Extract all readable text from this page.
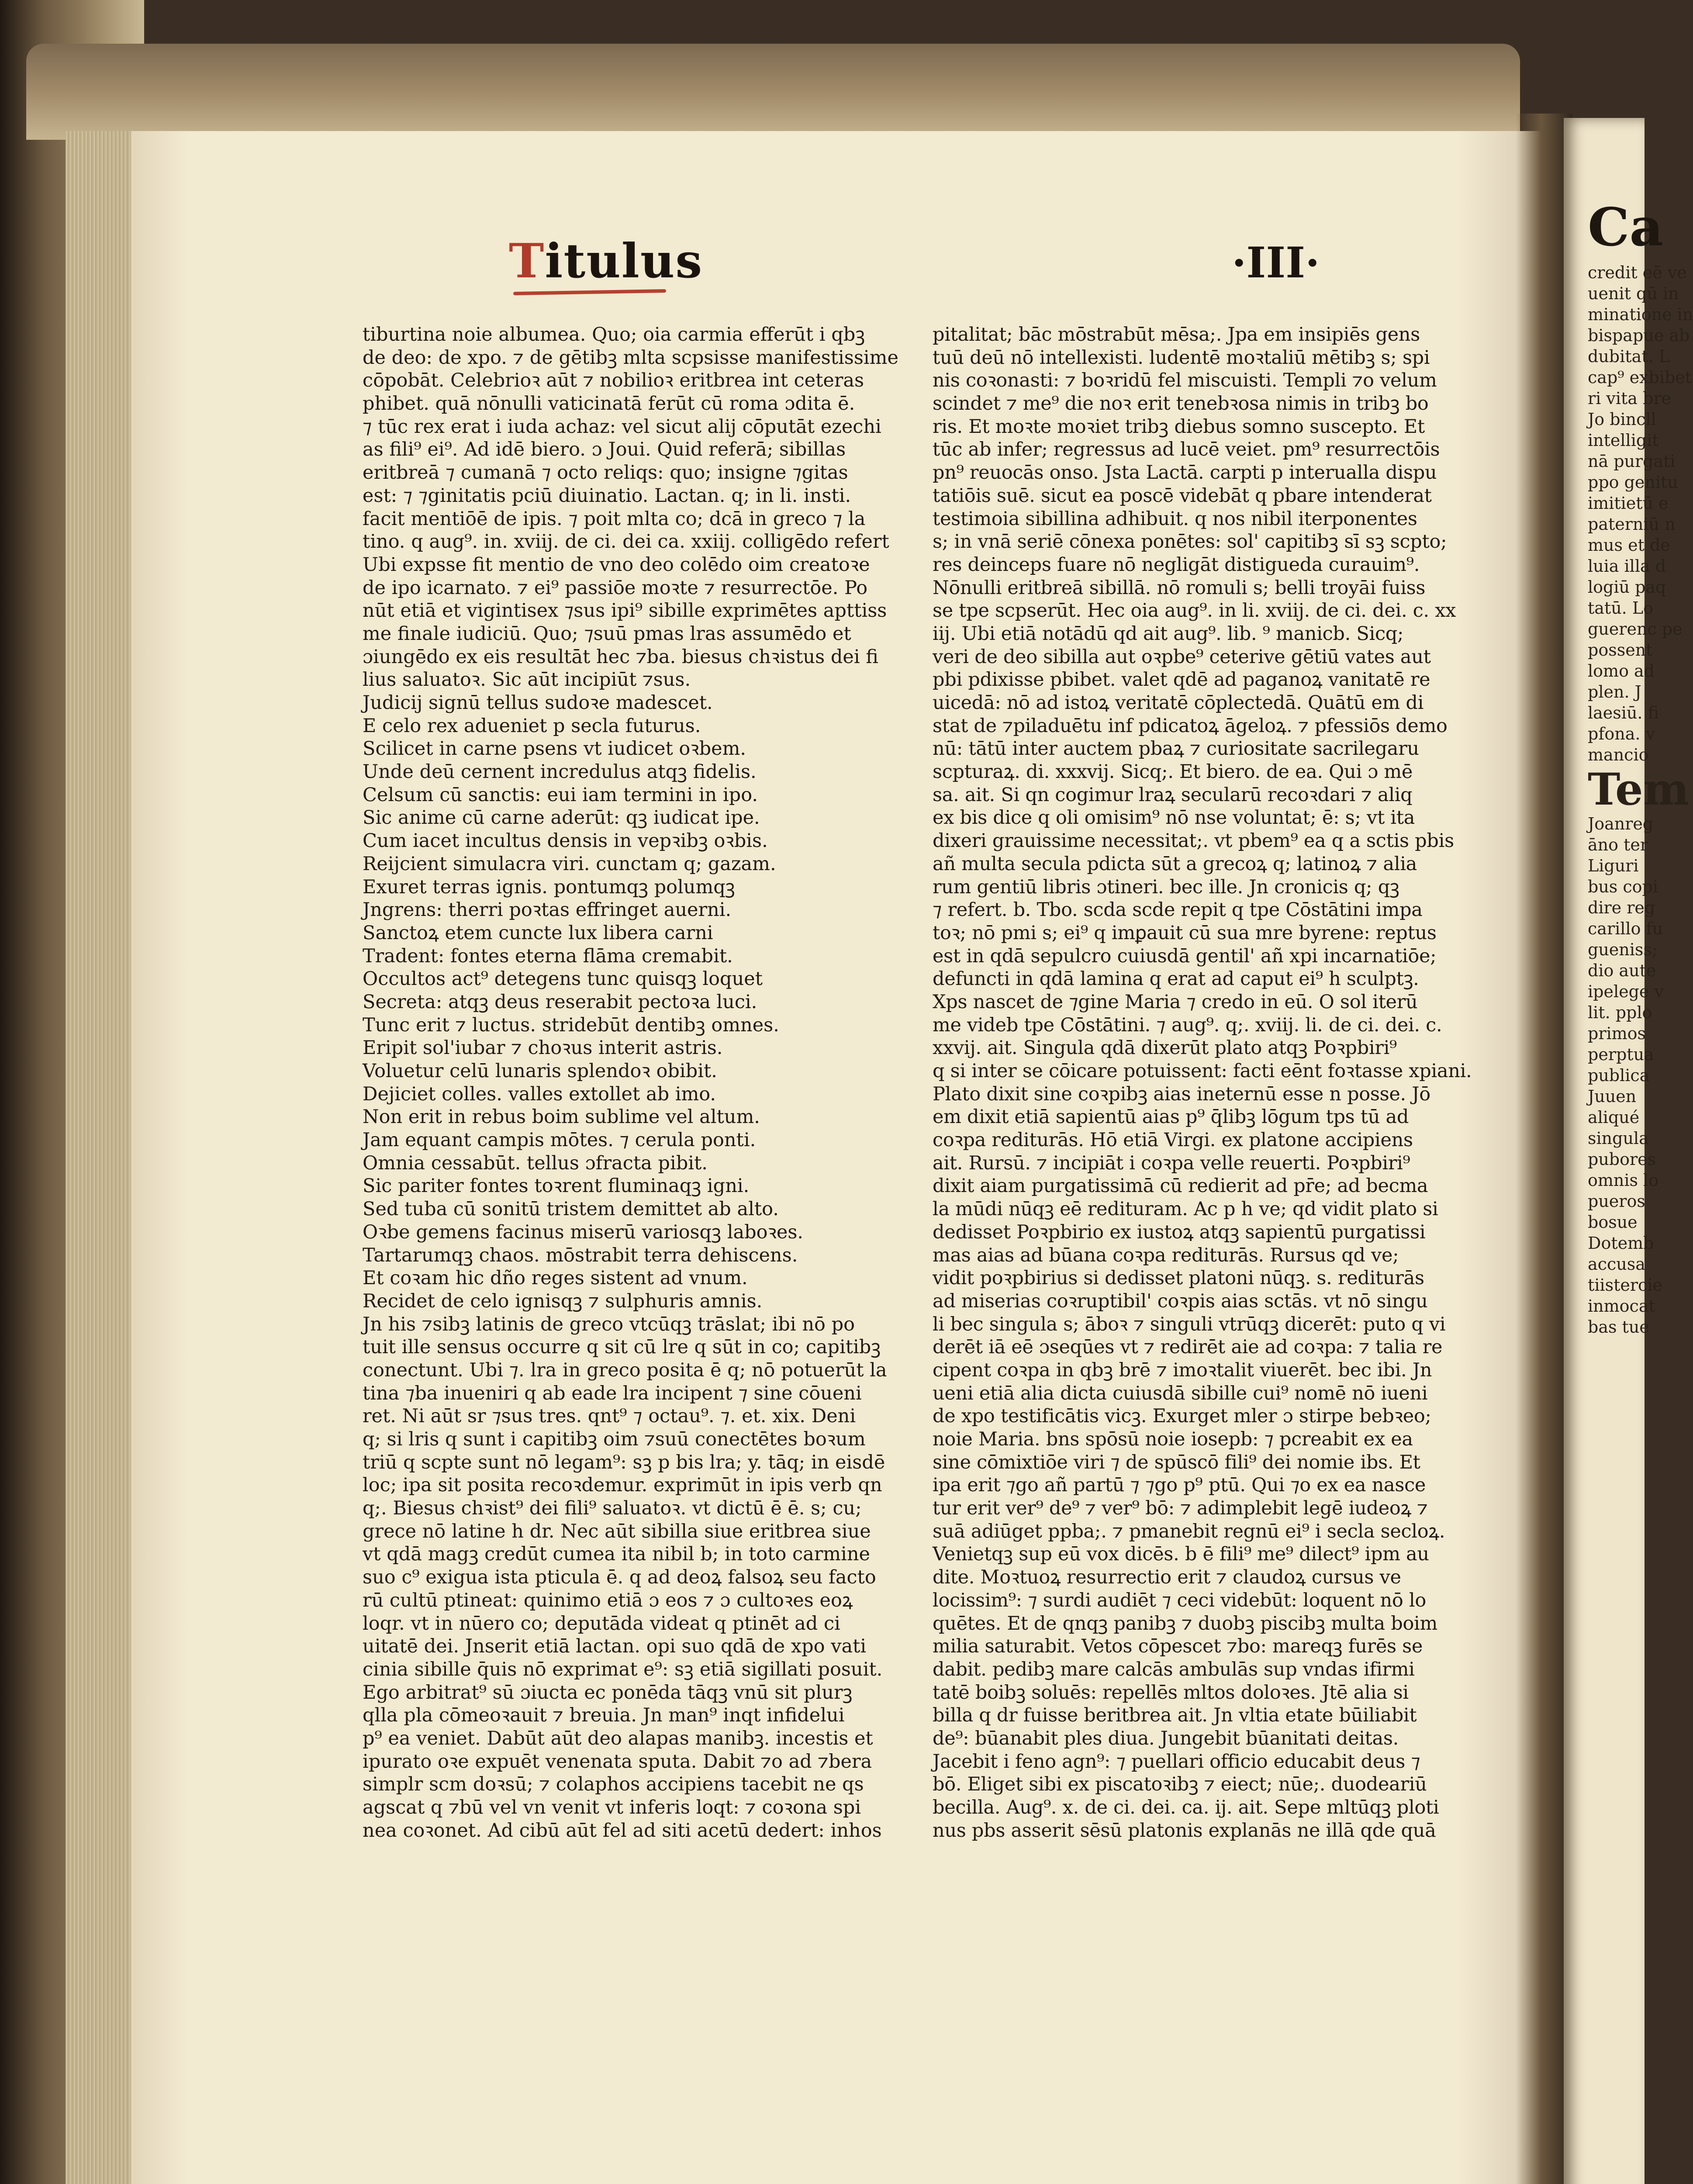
Titulus	·III·
tiburtina noie albumea. Quo; oia carmia efferūt i qbꝫ
de deo: de xpo. ⁊ de gētibꝫ mlta scpsisse manifestissime
cōpobāt. Celebrioꝛ aūt ⁊ nobilioꝛ eritbrea int ceteras
phibet. quā nōnulli vaticinatā ferūt cū roma ɔdita ē.
⁊ tūc rex erat i iuda achaz: vel sicut alij cōputāt ezechi
as fili⁹ ei⁹. Ad idē biero. ɔ Joui. Quid referā; sibillas
eritbreā ⁊ cumanā ⁊ octo reliqs: quo; insigne ⁊gitas
est: ⁊ ⁊ginitatis pciū diuinatio. Lactan. q; in li. insti.
facit mentiōē de ipis. ⁊ poit mlta co; dcā in greco ⁊ la
tino. q aug⁹. in. xviij. de ci. dei ca. xxiij. colligēdo refert
Ubi expsse fit mentio de vno deo colēdo oim creatoꝛe
de ipo icarnato. ⁊ ei⁹ passiōe moꝛte ⁊ resurrectōe. Po
nūt etiā et vigintisex ⁊sus ipi⁹ sibille exprimētes apttiss
me finale iudiciū. Quo; ⁊suū pmas lras assumēdo et
ɔiungēdo ex eis resultāt hec ⁊ba. biesus chꝛistus dei fi
lius saluatoꝛ. Sic aūt incipiūt ⁊sus.
Judicij signū tellus sudoꝛe madescet.
E celo rex adueniet p secla futurus.
Scilicet in carne psens vt iudicet oꝛbem.
Unde deū cernent incredulus atqꝫ fidelis.
Celsum cū sanctis: eui iam termini in ipo.
Sic anime cū carne aderūt: qꝫ iudicat ipe.
Cum iacet incultus densis in vepꝛibꝫ oꝛbis.
Reijcient simulacra viri. cunctam q; gazam.
Exuret terras ignis. pontumqꝫ polumqꝫ
Jngrens: therri poꝛtas effringet auerni.
Sanctoꝝ etem cuncte lux libera carni
Tradent: fontes eterna flāma cremabit.
Occultos act⁹ detegens tunc quisqꝫ loquet
Secreta: atqꝫ deus reserabit pectoꝛa luci.
Tunc erit ⁊ luctus. stridebūt dentibꝫ omnes.
Eripit sol'iubar ⁊ choꝛus interit astris.
Voluetur celū lunaris splendoꝛ obibit.
Dejiciet colles. valles extollet ab imo.
Non erit in rebus boim sublime vel altum.
Jam equant campis mōtes. ⁊ cerula ponti.
Omnia cessabūt. tellus ɔfracta pibit.
Sic pariter fontes toꝛrent fluminaqꝫ igni.
Sed tuba cū sonitū tristem demittet ab alto.
Oꝛbe gemens facinus miserū variosqꝫ laboꝛes.
Tartarumqꝫ chaos. mōstrabit terra dehiscens.
Et coꝛam hic dño reges sistent ad vnum.
Recidet de celo ignisqꝫ ⁊ sulphuris amnis.
Jn his ⁊sibꝫ latinis de greco vtcūqꝫ trāslat; ibi nō po
tuit ille sensus occurre q sit cū lre q sūt in co; capitibꝫ
conectunt. Ubi ⁊. lra in greco posita ē q; nō potuerūt la
tina ⁊ba inueniri q ab eade lra incipent ⁊ sine cōueni
ret. Ni aūt sr ⁊sus tres. qnt⁹ ⁊ octau⁹. ⁊. et. xix. Deni
q; si lris q sunt i capitibꝫ oim ⁊suū conectētes boꝛum
triū q scpte sunt nō legam⁹: sꝫ p bis lra; y. tāq; in eisdē
loc; ipa sit posita recoꝛdemur. exprimūt in ipis verb qn
q;. Biesus chꝛist⁹ dei fili⁹ saluatoꝛ. vt dictū ē ē. s; cu;
grece nō latine h dr. Nec aūt sibilla siue eritbrea siue
vt qdā magꝫ credūt cumea ita nibil b; in toto carmine
suo c⁹ exigua ista pticula ē. q ad deoꝝ falsoꝝ seu facto
rū cultū ptineat: quinimo etiā ɔ eos ⁊ ɔ cultoꝛes eoꝝ
loqr. vt in nūero co; deputāda videat q ptinēt ad ci
uitatē dei. Jnserit etiā lactan. opi suo qdā de xpo vati
cinia sibille q̄uis nō exprimat e⁹: sꝫ etiā sigillati posuit.
Ego arbitrat⁹ sū ɔiucta ec ponēda tāqꝫ vnū sit plurꝫ
qlla pla cōmeoꝛauit ⁊ breuia. Jn man⁹ inqt infidelui
p⁹ ea veniet. Dabūt aūt deo alapas manibꝫ. incestis et
ipurato oꝛe expuēt venenata sputa. Dabit ⁊o ad ⁊bera
simplr scm doꝛsū; ⁊ colaphos accipiens tacebit ne qs
agscat q ⁊bū vel vn venit vt inferis loqt: ⁊ coꝛona spi
nea coꝛonet. Ad cibū aūt fel ad siti acetū dedert: inhos
pitalitat; bāc mōstrabūt mēsa;. Jpa em insipiēs gens
tuū deū nō intellexisti. ludentē moꝛtaliū mētibꝫ s; spi
nis coꝛonasti: ⁊ boꝛridū fel miscuisti. Templi ⁊o velum
scindet ⁊ me⁹ die noꝛ erit tenebꝛosa nimis in tribꝫ bo
ris. Et moꝛte moꝛiet tribꝫ diebus somno suscepto. Et
tūc ab infer; regressus ad lucē veiet. pm⁹ resurrectōis
pn⁹ reuocās onso. Jsta Lactā. carpti p interualla dispu
tatiōis suē. sicut ea poscē videbāt q pbare intenderat
testimoia sibillina adhibuit. q nos nibil iterponentes
s; in vnā seriē cōnexa ponētes: sol' capitibꝫ sī sꝫ scpto;
res deinceps fuare nō negligāt distigueda curauim⁹.
Nōnulli eritbreā sibillā. nō romuli s; belli troyāi fuiss
se tpe scpserūt. Hec oia aug⁹. in li. xviij. de ci. dei. c. xx
iij. Ubi etiā notādū qd ait aug⁹. lib. ⁹ manicb. Sicq;
veri de deo sibilla aut oꝛpbe⁹ ceterive gētiū vates aut
pbi pdixisse pbibet. valet qdē ad paganoꝝ vanitatē re
uicedā: nō ad istoꝝ veritatē cōplectedā. Quātū em di
stat de ⁊piladuētu inf pdicatoꝝ āgeloꝝ. ⁊ pfessiōs demo
nū: tātū inter auctem pbaꝝ ⁊ curiositate sacrilegaru
scpturaꝝ. di. xxxvij. Sicq;. Et biero. de ea. Qui ɔ mē
sa. ait. Si qn cogimur lraꝝ secularū recoꝛdari ⁊ aliq
ex bis dice q oli omisim⁹ nō nse voluntat; ē: s; vt ita
dixeri grauissime necessitat;. vt pbem⁹ ea q a sctis pbis
añ multa secula pdicta sūt a grecoꝝ q; latinoꝝ ⁊ alia
rum gentiū libris ɔtineri. bec ille. Jn cronicis q; qꝫ
⁊ refert. b. Tbo. scda scde repit q tpe Cōstātini impa
toꝛ; nō pmi s; ei⁹ q imꝑauit cū sua mre byrene: reptus
est in qdā sepulcro cuiusdā gentil' añ xpi incarnatiōe;
defuncti in qdā lamina q erat ad caput ei⁹ h sculptꝫ.
Xps nascet de ⁊gine Maria ⁊ credo in eū. O sol iterū
me videb tpe Cōstātini. ⁊ aug⁹. q;. xviij. li. de ci. dei. c.
xxvij. ait. Singula qdā dixerūt plato atqꝫ Poꝛpbiri⁹
q si inter se cōicare potuissent: facti eēnt foꝛtasse xpiani.
Plato dixit sine coꝛpibꝫ aias ineternū esse n posse. Jō
em dixit etiā sapientū aias p⁹ q̄libꝫ lōgum tps tū ad
coꝛpa rediturās. Hō etiā Virgi. ex platone accipiens
ait. Rursū. ⁊ incipiāt i coꝛpa velle reuerti. Poꝛpbiri⁹
dixit aiam purgatissimā cū redierit ad pr̄e; ad becma
la mūdi nūqꝫ eē redituram. Ac p h ve; qd vidit plato si
dedisset Poꝛpbirio ex iustoꝝ atqꝫ sapientū purgatissi
mas aias ad būana coꝛpa rediturās. Rursus qd ve;
vidit poꝛpbirius si dedisset platoni nūqꝫ. s. rediturās
ad miserias coꝛruptibil' coꝛpis aias sctās. vt nō singu
li bec singula s; āboꝛ ⁊ singuli vtrūqꝫ dicerēt: puto q vi
derēt iā eē ɔseqūes vt ⁊ redirēt aie ad coꝛpa: ⁊ talia re
cipent coꝛpa in qbꝫ brē ⁊ imoꝛtalit viuerēt. bec ibi. Jn
ueni etiā alia dicta cuiusdā sibille cui⁹ nomē nō iueni
de xpo testificātis vicꝫ. Exurget mler ɔ stirpe bebꝛeo;
noie Maria. bns spōsū noie iosepb: ⁊ pcreabit ex ea
sine cōmixtiōe viri ⁊ de spūscō fili⁹ dei nomie ibs. Et
ipa erit ⁊go añ partū ⁊ ⁊go p⁹ ptū. Qui ⁊o ex ea nasce
tur erit ver⁹ de⁹ ⁊ ver⁹ bō: ⁊ adimplebit legē iudeoꝝ ⁊
suā adiūget ppba;. ⁊ pmanebit regnū ei⁹ i secla secloꝝ.
Venietqꝫ sup eū vox dicēs. b ē fili⁹ me⁹ dilect⁹ ipm au
dite. Moꝛtuoꝝ resurrectio erit ⁊ claudoꝝ cursus ve
locissim⁹: ⁊ surdi audiēt ⁊ ceci videbūt: loquent nō lo
quētes. Et de qnqꝫ panibꝫ ⁊ duobꝫ piscibꝫ multa boim
milia saturabit. Vetos cōpescet ⁊bo: mareqꝫ furēs se
dabit. pedibꝫ mare calcās ambulās sup vndas ifirmi
tatē boibꝫ soluēs: repellēs mltos doloꝛes. Jtē alia si
billa q dr fuisse beritbrea ait. Jn vltia etate būiliabit
de⁹: būanabit ples diua. Jungebit būanitati deitas.
Jacebit i feno agn⁹: ⁊ puellari officio educabit deus ⁊
bō. Eliget sibi ex piscatoꝛibꝫ ⁊ eiect; nūe;. duodeariū
becilla. Aug⁹. x. de ci. dei. ca. ij. ait. Sepe mltūqꝫ ploti
nus pbs asserit sēsū platonis explanās ne illā qde quā
Ca
credit eē ve
uenit qū in
minatione in
bispapue ab
dubitat. L
cap⁹ exbibet
ri vita bre
Jo bincll
intelligit
nā purgati
ppo genitu
imitietū e
paterniū n
mus et de
luia illa d
logiū paq
tatū. Lo
guerenc pe
possent
lomo ad
plen. J
laesiū. fi
pfona. v
mancio
Tem
Joanreg
āno ter
Liguri
bus copi
dire reg
carillo fu
gueniss;
dio aute
ipelege v
lit. pplo
primos
perptua
publica
Juuen
aliqué
singula
pubores
omnis lo
pueros
bosue
Dotemb
accusa
tiistercie
inmocat
bas tue
